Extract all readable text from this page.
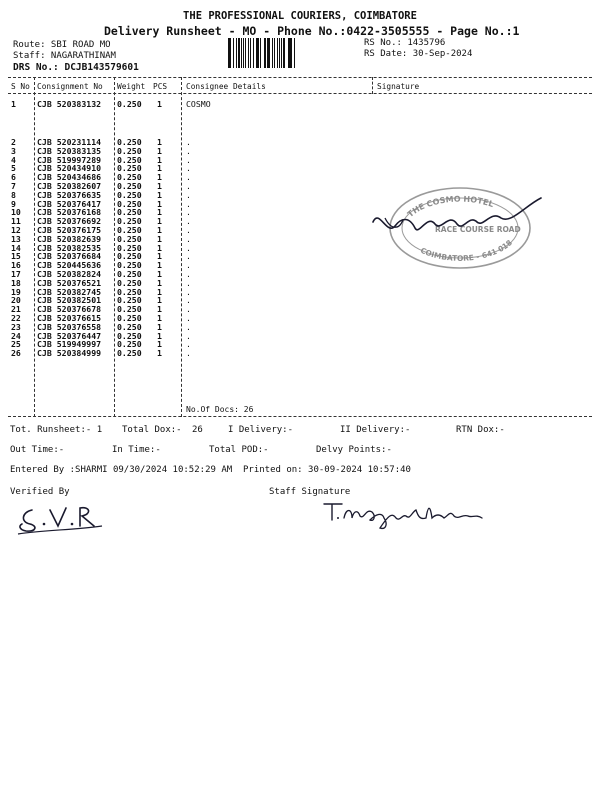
THE PROFESSIONAL COURIERS, COIMBATORE
Delivery Runsheet - MO - Phone No.:0422-3505555 - Page No.:1
Route: SBI ROAD MO
Staff: NAGARATHINAM
DRS No.: DCJB143579601
RS No.: 1435796
RS Date: 30-Sep-2024
S No Consignment No Weight PCS Consignee Details	Signature
1	CJB 520383132 0.250 1	COSMO
2	CJB 520231114 0.250 1	.
3	CJB 520383135 0.250 1	.
4	CJB 519997289 0.250 1	.
5	CJB 520434910 0.250 1	.
6	CJB 520434686 0.250 1	.
7	CJB 520382607 0.250 1	.
8	CJB 520376635 0.250 1	.
9	CJB 520376417 0.250 1	.
10 CJB 520376168 0.250 1	.
11 CJB 520376692 0.250 1	.
12 CJB 520376175 0.250 1	.
13 CJB 520382639 0.250 1	.
14 CJB 520382535 0.250 1	.
15 CJB 520376684 0.250 1	.
16 CJB 520445636 0.250 1	.
17 CJB 520382824 0.250 1	.
18 CJB 520376521 0.250 1	.
19 CJB 520382745 0.250 1	.
20 CJB 520382501 0.250 1	.
21 CJB 520376678 0.250 1	.
22 CJB 520376615 0.250 1	.
23 CJB 520376558 0.250 1	.
24 CJB 520376447 0.250 1	.
25 CJB 519949997 0.250 1	.
26 CJB 520384999 0.250 1	.
No.Of Docs: 26
Tot. Runsheet:- 1 Total Dox:- 26	I Delivery:-	II Delivery:-	RTN Dox:-
Out Time:-	In Time:-	Total POD:-	Delvy Points:-
Entered By :SHARMI 09/30/2024 10:52:29 AM Printed on: 30-09-2024 10:57:40
Verified By	Staff Signature
THE COSMO HOTEL
RACE COURSE ROAD
COIMBATORE - 641 018
